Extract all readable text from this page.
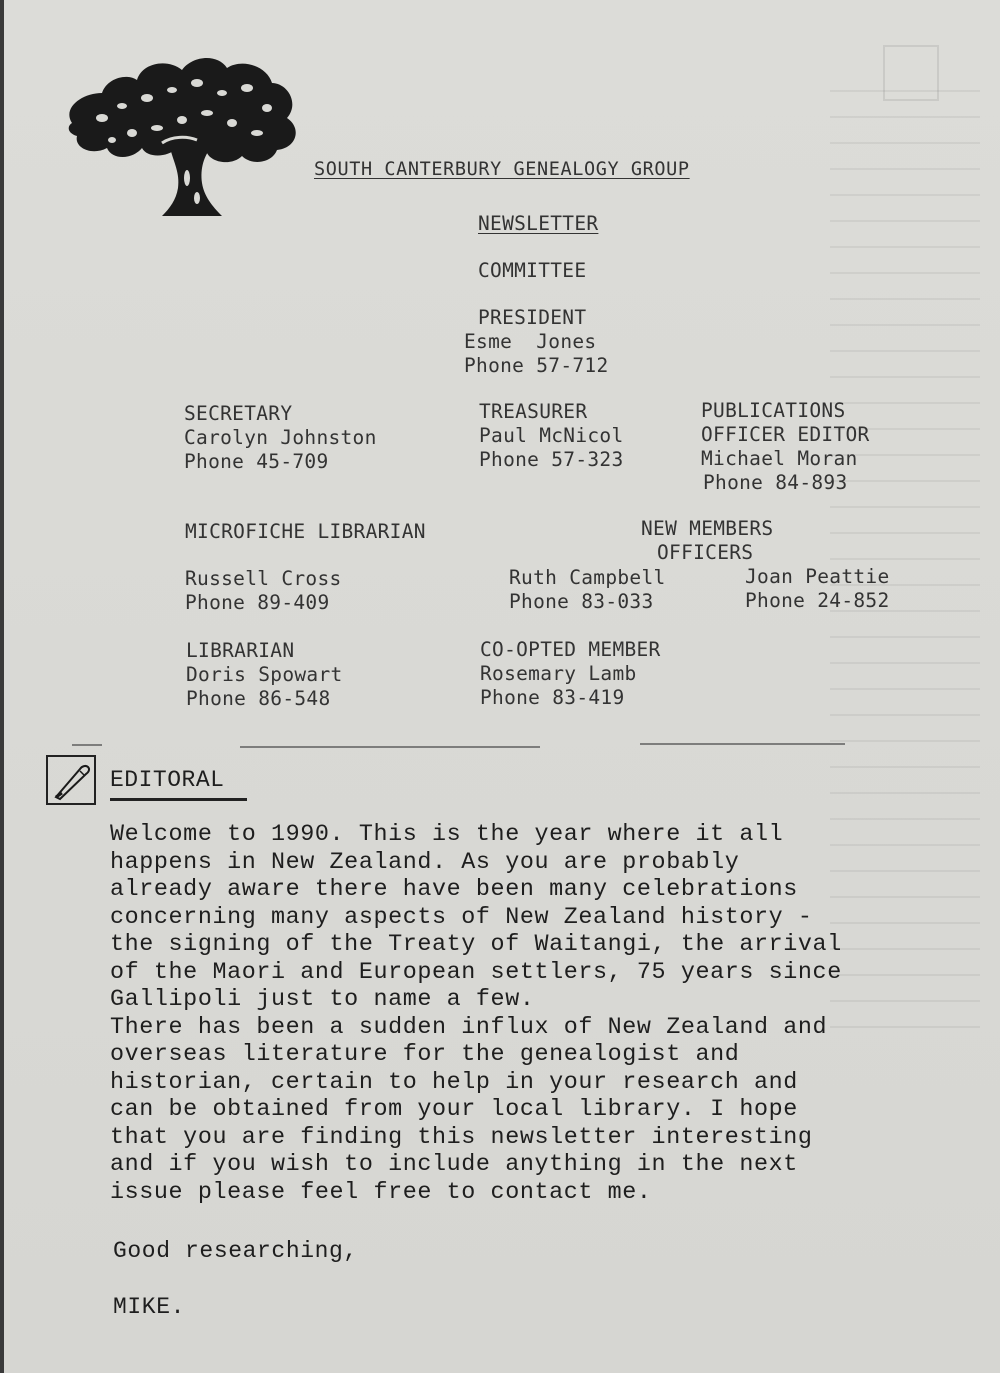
SOUTH CANTERBURY GENEALOGY GROUP
NEWSLETTER
COMMITTEE
PRESIDENT
Esme  Jones
Phone 57-712
SECRETARY
Carolyn Johnston
Phone 45-709
TREASURER
Paul McNicol
Phone 57-323
PUBLICATIONS
OFFICER EDITOR
Michael Moran
Phone 84-893
MICROFICHE LIBRARIAN
Russell Cross
Phone 89-409
NEW MEMBERS
OFFICERS
Ruth Campbell
Phone 83-033
Joan Peattie
Phone 24-852
LIBRARIAN
Doris Spowart
Phone 86-548
CO-OPTED MEMBER
Rosemary Lamb
Phone 83-419
EDITORAL
Welcome to 1990. This is the year where it all
happens in New Zealand. As you are probably
already aware there have been many celebrations
concerning many aspects of New Zealand history -
the signing of the Treaty of Waitangi, the arrival
of the Maori and European settlers, 75 years since
Gallipoli just to name a few.
There has been a sudden influx of New Zealand and
overseas literature for the genealogist and
historian, certain to help in your research and
can be obtained from your local library. I hope
that you are finding this newsletter interesting
and if you wish to include anything in the next
issue please feel free to contact me.
Good researching,
MIKE.
